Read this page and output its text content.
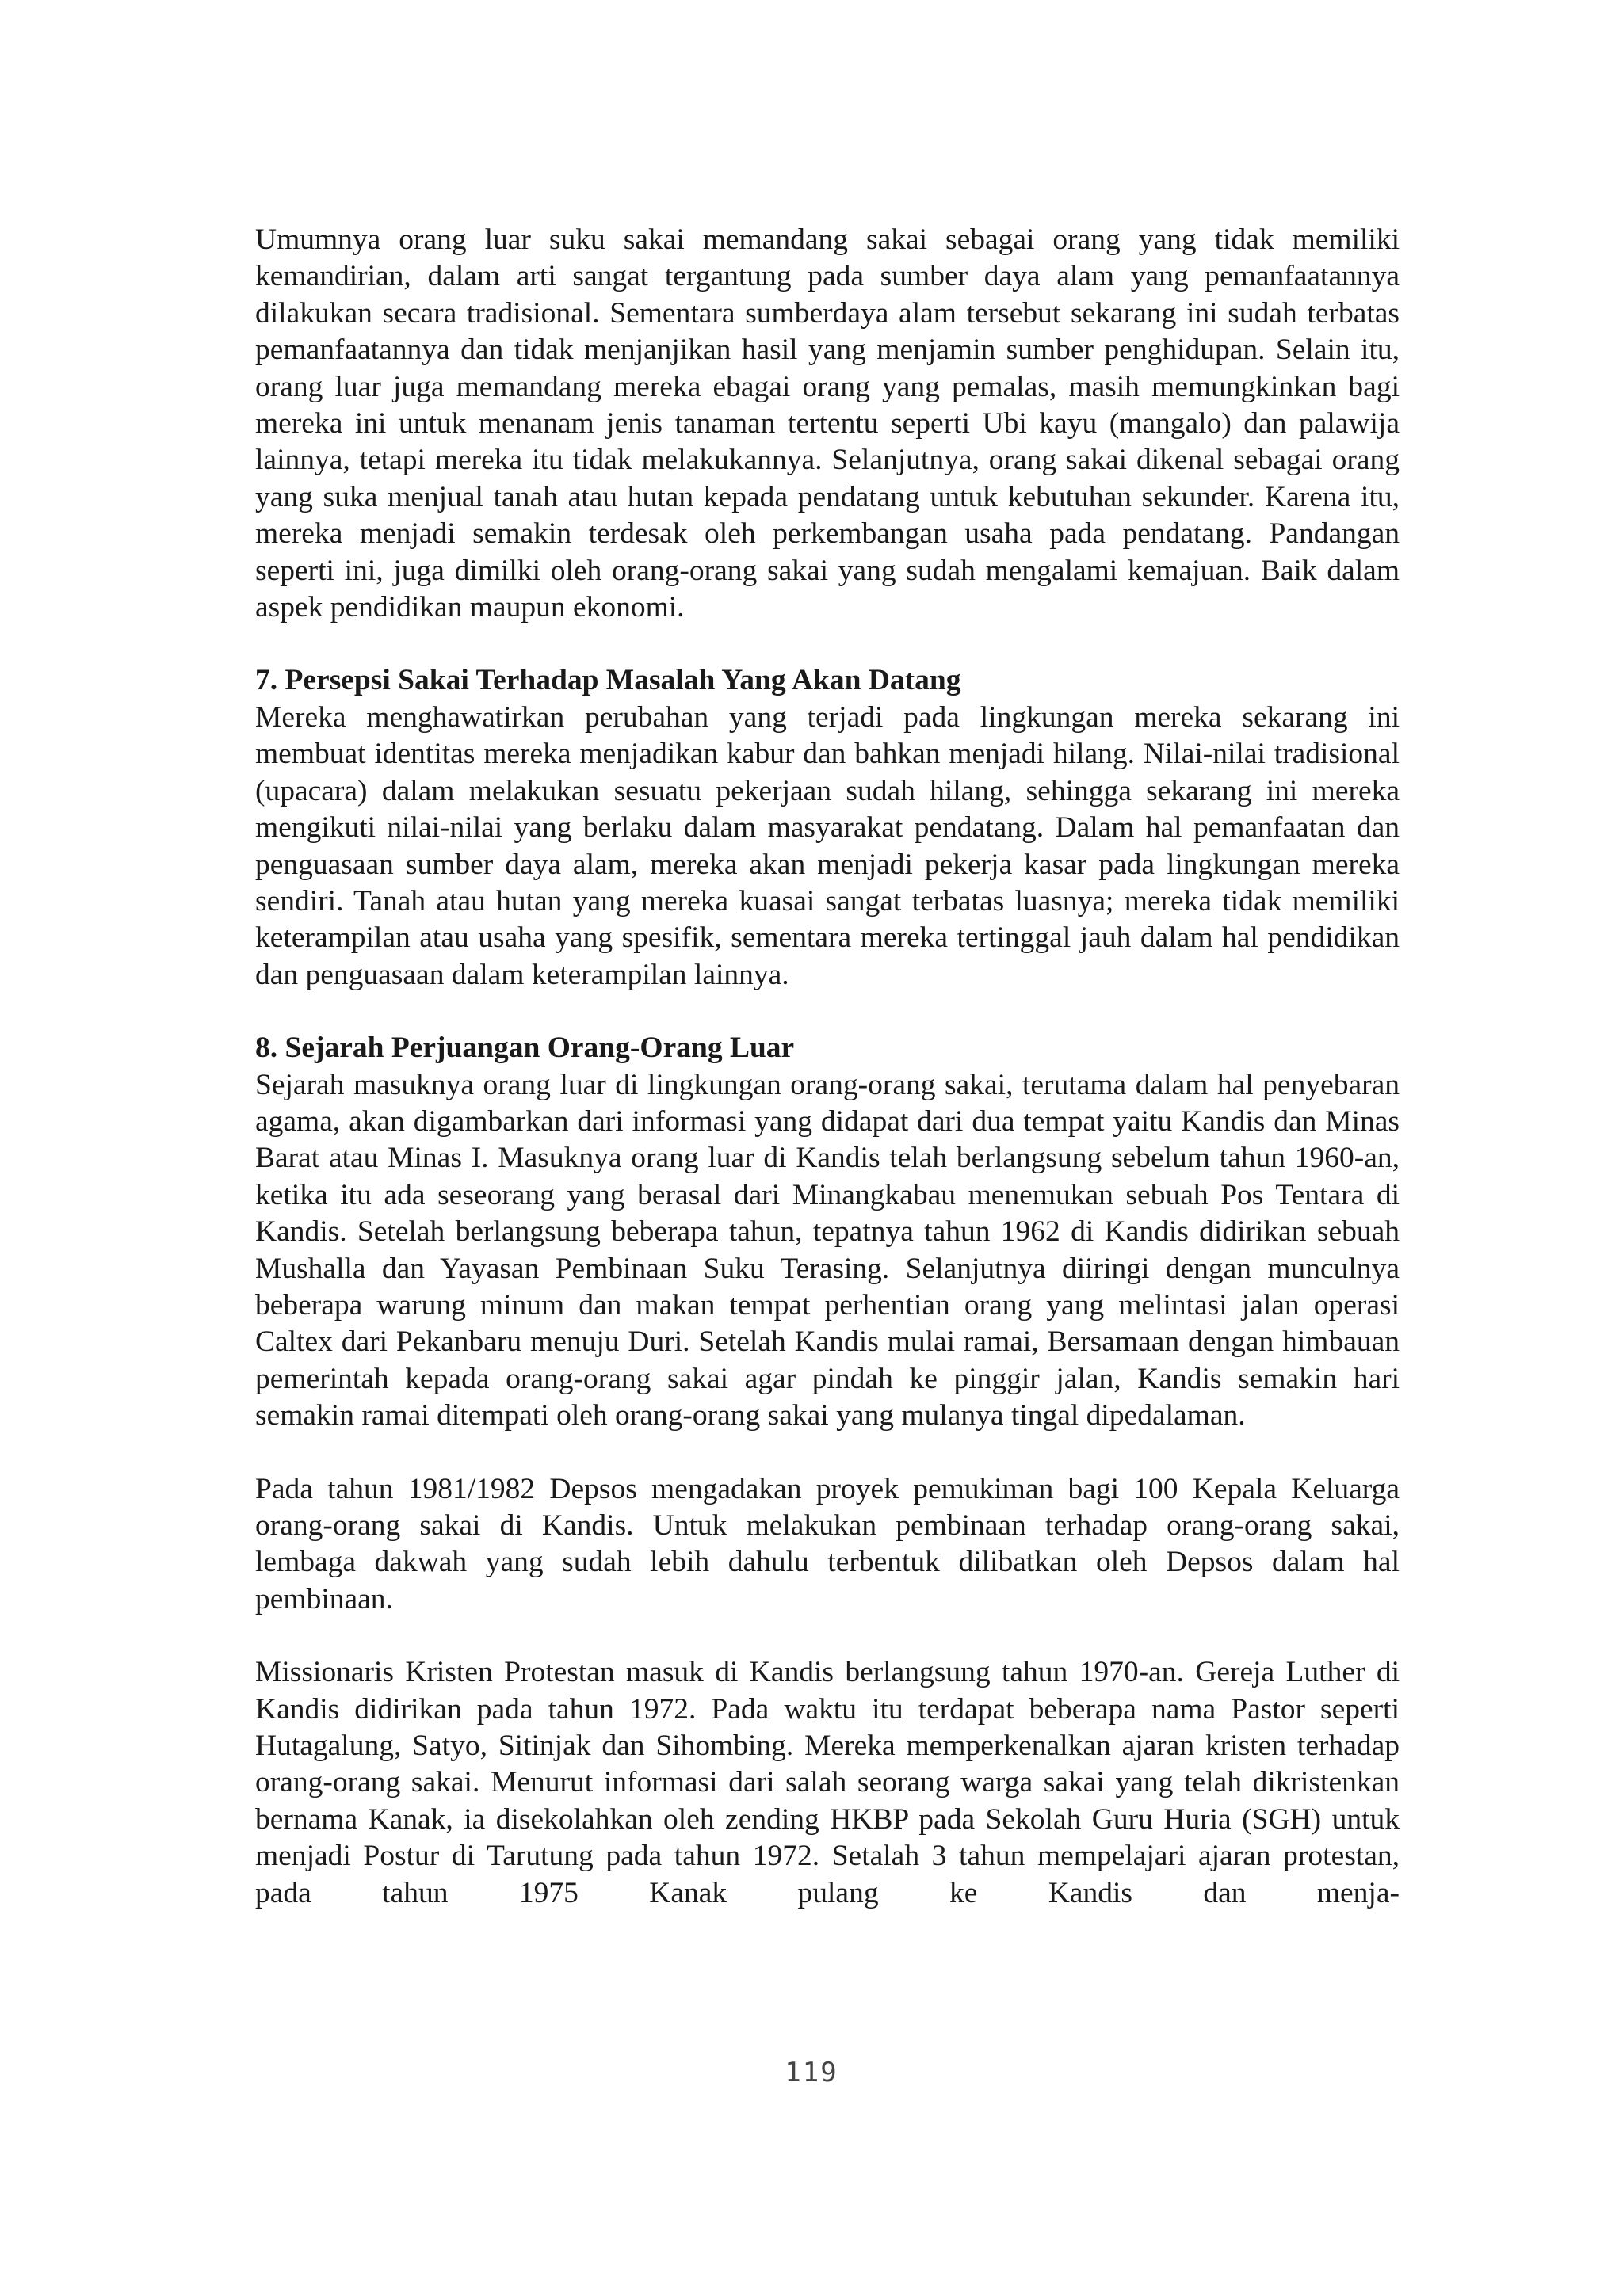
Umumnya orang luar suku sakai memandang sakai sebagai orang yang tidak memiliki kemandirian, dalam arti sangat tergantung pada sumber daya alam yang pemanfaatannya dilakukan secara tradisional. Sementara sumberdaya alam tersebut sekarang ini sudah terbatas pemanfaatannya dan tidak menjanjikan hasil yang menjamin sumber penghidupan. Selain itu, orang luar juga memandang mereka ebagai orang yang pemalas, masih memungkinkan bagi mereka ini untuk menanam jenis tanaman tertentu seperti Ubi kayu (mangalo) dan palawija lainnya, tetapi mereka itu tidak melakukannya. Selanjutnya, orang sakai dikenal sebagai orang yang suka menjual tanah atau hutan kepada pendatang untuk kebutuhan sekunder. Karena itu, mereka menjadi semakin terdesak oleh perkembangan usaha pada pendatang. Pandangan seperti ini, juga dimilki oleh orang-orang sakai yang sudah mengalami kemajuan. Baik dalam aspek pendidikan maupun ekonomi.

7. Persepsi Sakai Terhadap Masalah Yang Akan Datang

Mereka menghawatirkan perubahan yang terjadi pada lingkungan mereka sekarang ini membuat identitas mereka menjadikan kabur dan bahkan menjadi hilang. Nilai-nilai tradisional (upacara) dalam melakukan sesuatu pekerjaan sudah hilang, sehingga sekarang ini mereka mengikuti nilai-nilai yang berlaku dalam masyarakat pendatang. Dalam hal pemanfaatan dan penguasaan sumber daya alam, mereka akan menjadi pekerja kasar pada lingkungan mereka sendiri. Tanah atau hutan yang mereka kuasai sangat terbatas luasnya; mereka tidak memiliki keterampilan atau usaha yang spesifik, sementara mereka tertinggal jauh dalam hal pendidikan dan penguasaan dalam keterampilan lainnya.

8. Sejarah Perjuangan Orang-Orang Luar

Sejarah masuknya orang luar di lingkungan orang-orang sakai, terutama dalam hal penyebaran agama, akan digambarkan dari informasi yang didapat dari dua tempat yaitu Kandis dan Minas Barat atau Minas I. Masuknya orang luar di Kandis telah berlangsung sebelum tahun 1960-an, ketika itu ada seseorang yang berasal dari Minangkabau menemukan sebuah Pos Tentara di Kandis. Setelah berlangsung beberapa tahun, tepatnya tahun 1962 di Kandis didirikan sebuah Mushalla dan Yayasan Pembinaan Suku Terasing. Selanjutnya diiringi dengan munculnya beberapa warung minum dan makan tempat perhentian orang yang melintasi jalan operasi Caltex dari Pekanbaru menuju Duri. Setelah Kandis mulai ramai, Bersamaan dengan himbauan pemerintah kepada orang-orang sakai agar pindah ke pinggir jalan, Kandis semakin hari semakin ramai ditempati oleh orang-orang sakai yang mulanya tingal dipedalaman.

Pada tahun 1981/1982 Depsos mengadakan proyek pemukiman bagi 100 Kepala Keluarga orang-orang sakai di Kandis. Untuk melakukan pembinaan terhadap orang-orang sakai, lembaga dakwah yang sudah lebih dahulu terbentuk dilibatkan oleh Depsos dalam hal pembinaan.

Missionaris Kristen Protestan masuk di Kandis berlangsung tahun 1970-an. Gereja Luther di Kandis didirikan pada tahun 1972. Pada waktu itu terdapat beberapa nama Pastor seperti Hutagalung, Satyo, Sitinjak dan Sihombing. Mereka memperkenalkan ajaran kristen terhadap orang-orang sakai. Menurut informasi dari salah seorang warga sakai yang telah dikristenkan bernama Kanak, ia disekolahkan oleh zending HKBP pada Sekolah Guru Huria (SGH) untuk menjadi Postur di Tarutung pada tahun 1972. Setalah 3 tahun mempelajari ajaran protestan, pada tahun 1975 Kanak pulang ke Kandis dan menja-

119
